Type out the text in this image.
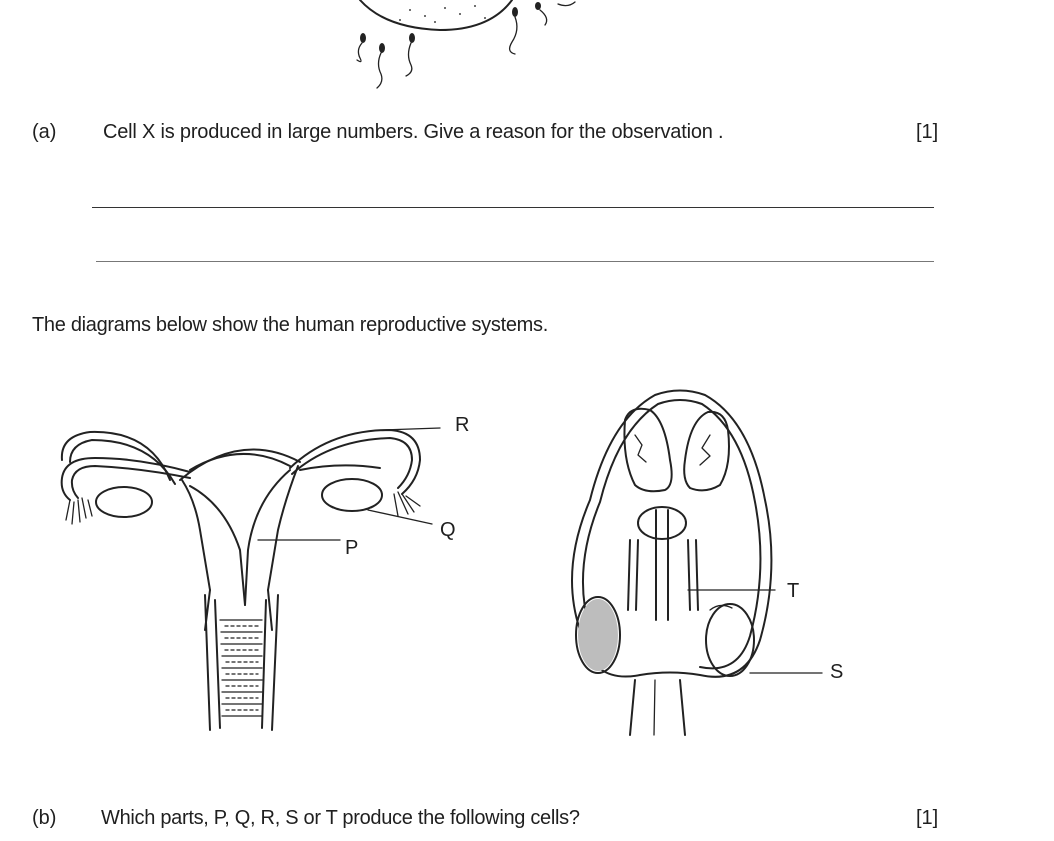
(a) Cell X is produced in large numbers. Give a reason for the observation .	[1]
The diagrams below show the human reproductive systems.
R
Q
P
T
S
(b) Which parts, P, Q, R, S or T produce the following cells?	[1]
